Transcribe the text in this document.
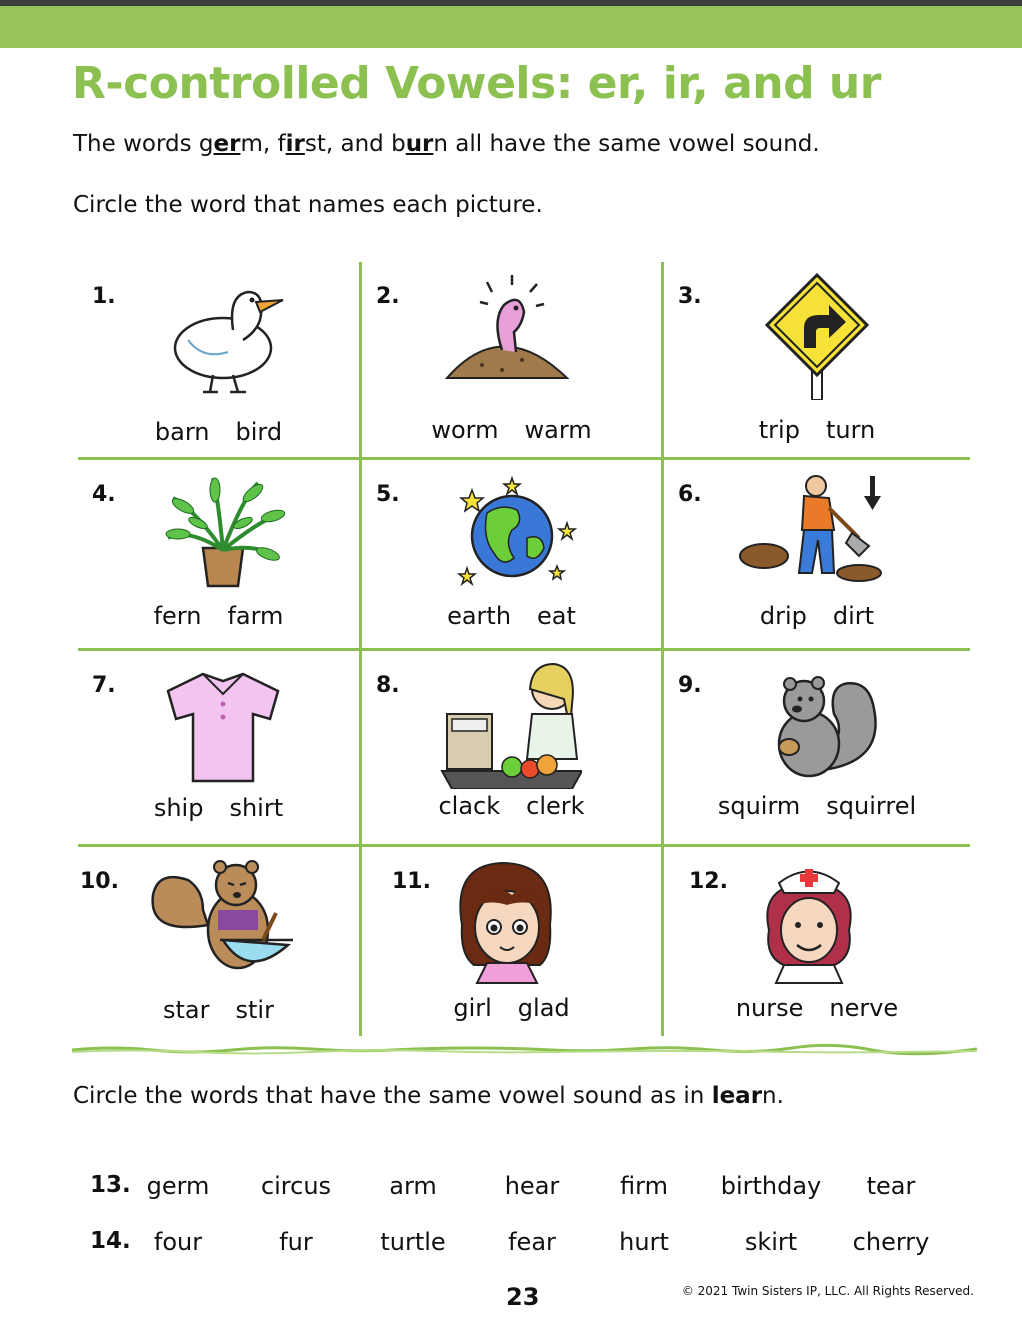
R-controlled Vowels: er, ir, and ur
The words germ, first, and burn all have the same vowel sound.
Circle the word that names each picture.
1.
barn bird
2.
worm warm
3.
trip turn
4.
fern farm
5.
earth eat
6.
drip dirt
7.
ship shirt
8.
clack clerk
9.
squirm squirrel
10.
star stir
11.
girl glad
12.
nurse nerve
Circle the words that have the same vowel sound as in learn.
13. germ circus arm	hear	firm birthday tear
14. four	fur	turtle	fear	hurt	skirt cherry
23	© 2021 Twin Sisters IP, LLC. All Rights Reserved.
